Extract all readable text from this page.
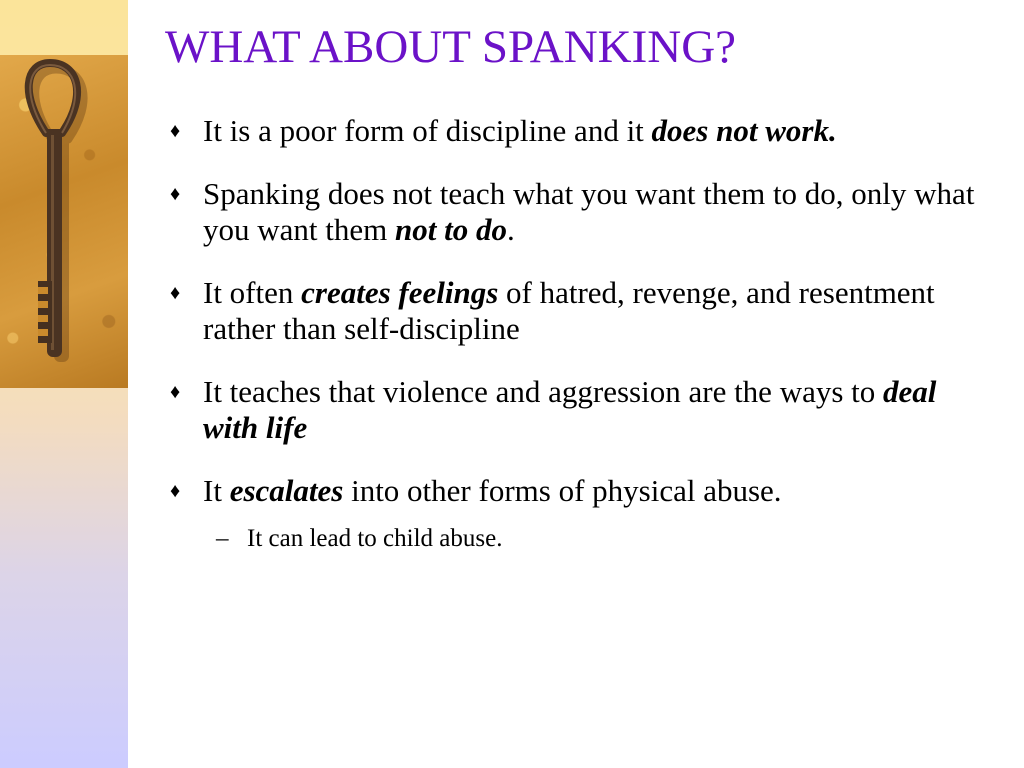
WHAT ABOUT SPANKING?
♦ It is a poor form of discipline and it does not work.
♦ Spanking does not teach what you want them to do, only what you want them not to do.
♦ It often creates feelings of hatred, revenge, and resentment rather than self-discipline
♦ It teaches that violence and aggression are the ways to deal with life
♦ It escalates into other forms of physical abuse.
– It can lead to child abuse.
